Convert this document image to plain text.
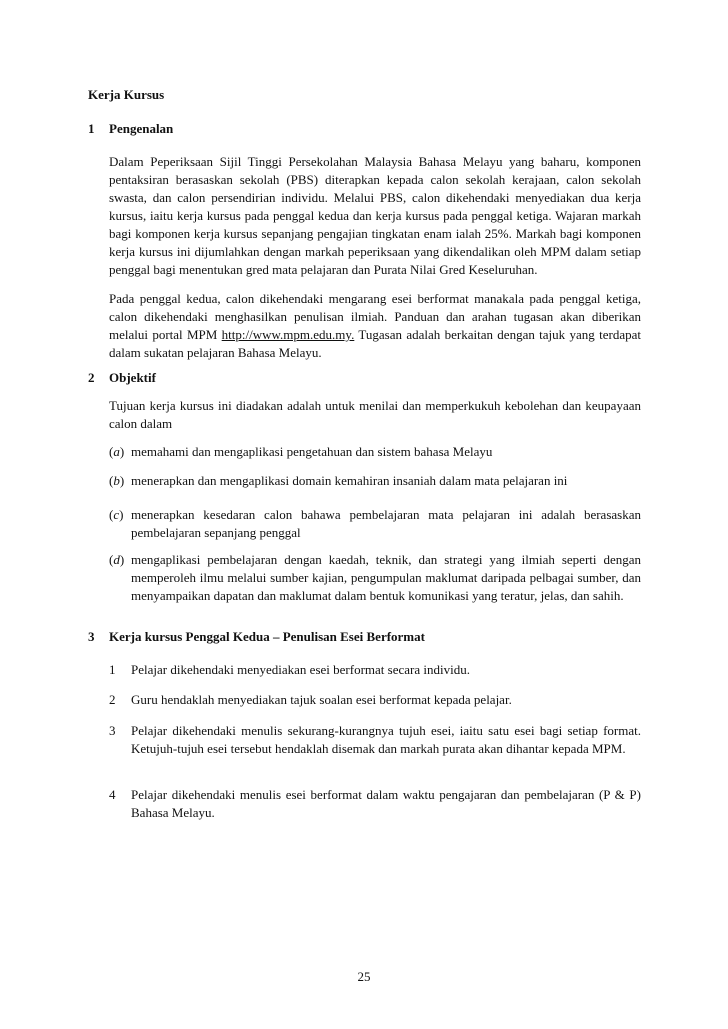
Kerja Kursus
1	Pengenalan
Dalam Peperiksaan Sijil Tinggi Persekolahan Malaysia Bahasa Melayu yang baharu, komponen pentaksiran berasaskan sekolah (PBS) diterapkan kepada calon sekolah kerajaan, calon sekolah swasta, dan calon persendirian individu. Melalui PBS, calon dikehendaki menyediakan dua kerja kursus, iaitu kerja kursus pada penggal kedua dan kerja kursus pada penggal ketiga. Wajaran markah bagi komponen kerja kursus sepanjang pengajian tingkatan enam ialah 25%. Markah bagi komponen kerja kursus ini dijumlahkan dengan markah peperiksaan yang dikendalikan oleh MPM dalam setiap penggal bagi menentukan gred mata pelajaran dan Purata Nilai Gred Keseluruhan.
Pada penggal kedua, calon dikehendaki mengarang esei berformat manakala pada penggal ketiga, calon dikehendaki menghasilkan penulisan ilmiah. Panduan dan arahan tugasan akan diberikan melalui portal MPM http://www.mpm.edu.my. Tugasan adalah berkaitan dengan tajuk yang terdapat dalam sukatan pelajaran Bahasa Melayu.
2	Objektif
Tujuan kerja kursus ini diadakan adalah untuk menilai dan memperkukuh kebolehan dan keupayaan calon dalam
(a) memahami dan mengaplikasi pengetahuan dan sistem bahasa Melayu
(b) menerapkan dan mengaplikasi domain kemahiran insaniah dalam mata pelajaran ini
(c) menerapkan kesedaran calon bahawa pembelajaran mata pelajaran ini adalah berasaskan pembelajaran sepanjang penggal
(d) mengaplikasi pembelajaran dengan kaedah, teknik, dan strategi yang ilmiah seperti dengan memperoleh ilmu melalui sumber kajian, pengumpulan maklumat daripada pelbagai sumber, dan menyampaikan dapatan dan maklumat dalam bentuk komunikasi yang teratur, jelas, dan sahih.
3	Kerja kursus Penggal Kedua – Penulisan Esei Berformat
1	Pelajar dikehendaki menyediakan esei berformat secara individu.
2	Guru hendaklah menyediakan tajuk soalan esei berformat kepada pelajar.
3	Pelajar dikehendaki menulis sekurang-kurangnya tujuh esei, iaitu satu esei bagi setiap format. Ketujuh-tujuh esei tersebut hendaklah disemak dan markah purata akan dihantar kepada MPM.
4	Pelajar dikehendaki menulis esei berformat dalam waktu pengajaran dan pembelajaran (P & P) Bahasa Melayu.
25
